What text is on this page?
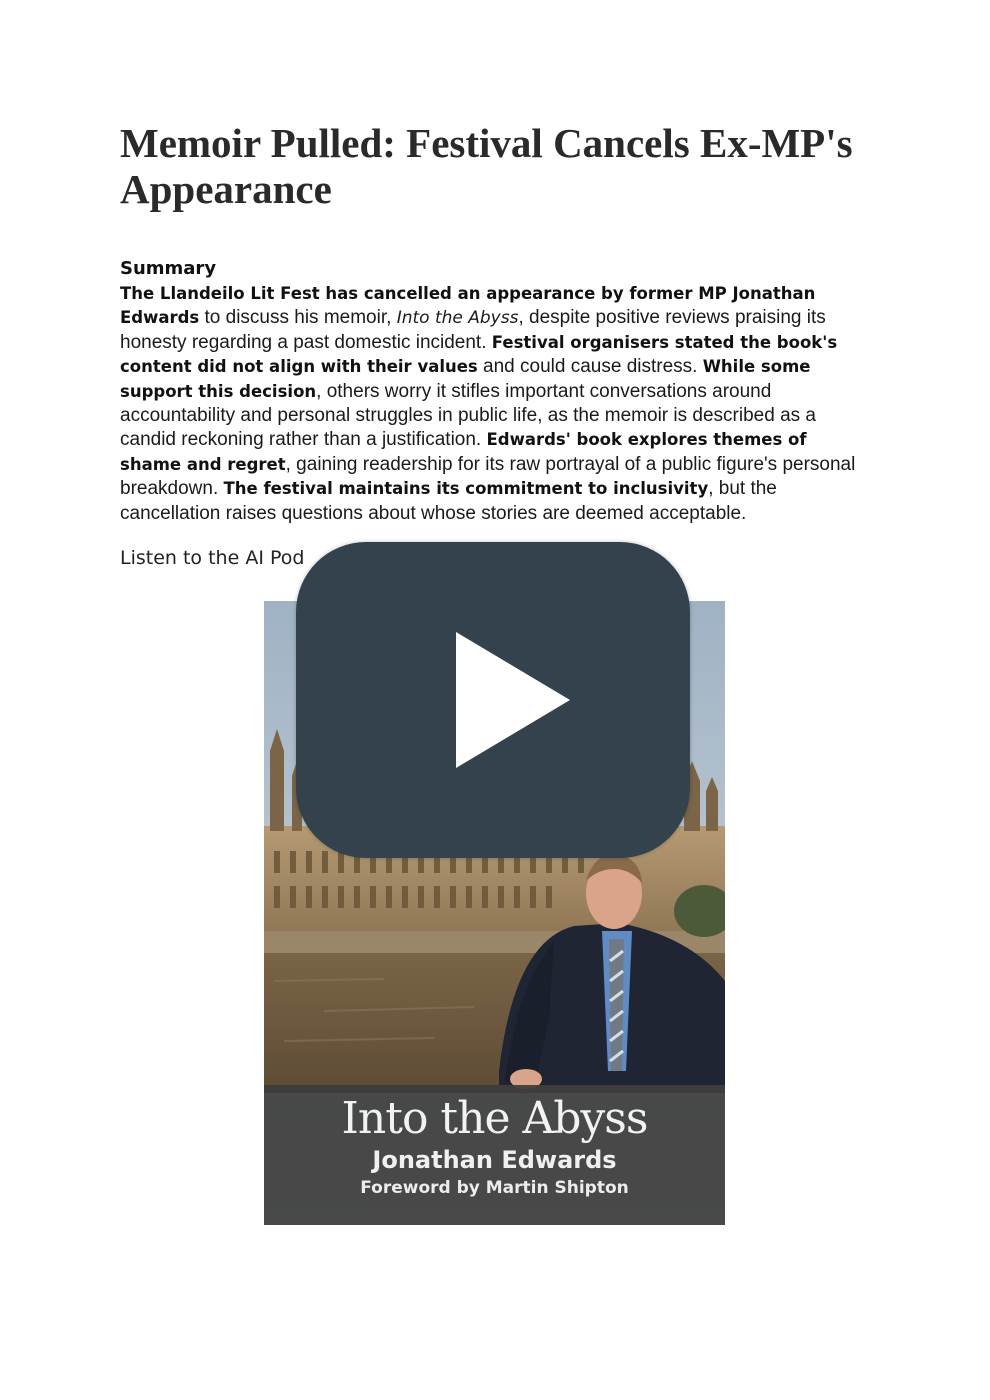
Memoir Pulled: Festival Cancels Ex-MP's Appearance

Summary

The Llandeilo Lit Fest has cancelled an appearance by former MP Jonathan Edwards to discuss his memoir, Into the Abyss, despite positive reviews praising its honesty regarding a past domestic incident. Festival organisers stated the book's content did not align with their values and could cause distress. While some support this decision, others worry it stifles important conversations around accountability and personal struggles in public life, as the memoir is described as a candid reckoning rather than a justification. Edwards' book explores themes of shame and regret, gaining readership for its raw portrayal of a public figure's personal breakdown. The festival maintains its commitment to inclusivity, but the cancellation raises questions about whose stories are deemed acceptable.

Listen to the AI Pod

Into the Abyss
Jonathan Edwards
Foreword by Martin Shipton
